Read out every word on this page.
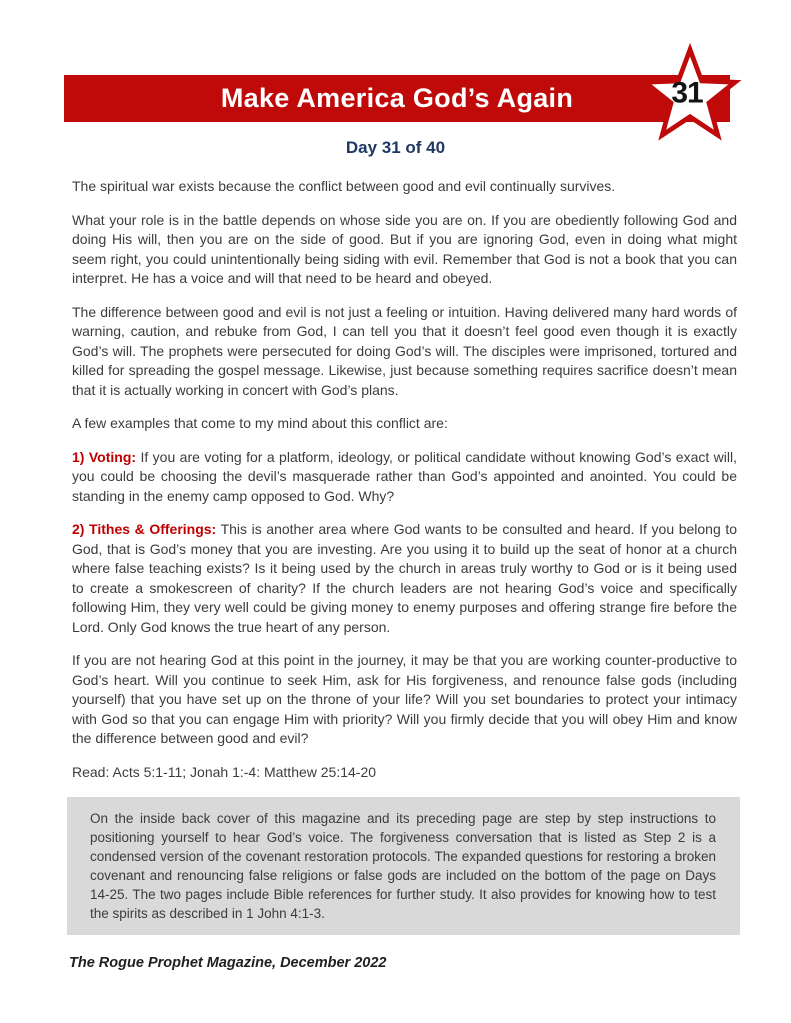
Make America God’s Again	31
Day 31 of 40

The spiritual war exists because the conflict between good and evil continually survives.

What your role is in the battle depends on whose side you are on. If you are obediently following God and doing His will, then you are on the side of good. But if you are ignoring God, even in doing what might seem right, you could unintentionally being siding with evil. Remember that God is not a book that you can interpret. He has a voice and will that need to be heard and obeyed.

The difference between good and evil is not just a feeling or intuition. Having delivered many hard words of warning, caution, and rebuke from God, I can tell you that it doesn’t feel good even though it is exactly God’s will. The prophets were persecuted for doing God’s will. The disciples were imprisoned, tortured and killed for spreading the gospel message. Likewise, just because something requires sacrifice doesn’t mean that it is actually working in concert with God’s plans.

A few examples that come to my mind about this conflict are:

1) Voting: If you are voting for a platform, ideology, or political candidate without knowing God’s exact will, you could be choosing the devil’s masquerade rather than God’s appointed and anointed. You could be standing in the enemy camp opposed to God. Why?

2) Tithes & Offerings: This is another area where God wants to be consulted and heard. If you belong to God, that is God’s money that you are investing. Are you using it to build up the seat of honor at a church where false teaching exists? Is it being used by the church in areas truly worthy to God or is it being used to create a smokescreen of charity? If the church leaders are not hearing God’s voice and specifically following Him, they very well could be giving money to enemy purposes and offering strange fire before the Lord. Only God knows the true heart of any person.

If you are not hearing God at this point in the journey, it may be that you are working counter-productive to God’s heart. Will you continue to seek Him, ask for His forgiveness, and renounce false gods (including yourself) that you have set up on the throne of your life? Will you set boundaries to protect your intimacy with God so that you can engage Him with priority? Will you firmly decide that you will obey Him and know the difference between good and evil?

Read: Acts 5:1-11; Jonah 1:-4: Matthew 25:14-20

On the inside back cover of this magazine and its preceding page are step by step instructions to positioning yourself to hear God’s voice. The forgiveness conversation that is listed as Step 2 is a condensed version of the covenant restoration protocols. The expanded questions for restoring a broken covenant and renouncing false religions or false gods are included on the bottom of the page on Days 14-25. The two pages include Bible references for further study. It also provides for knowing how to test the spirits as described in 1 John 4:1-3.

The Rogue Prophet Magazine, December 2022
